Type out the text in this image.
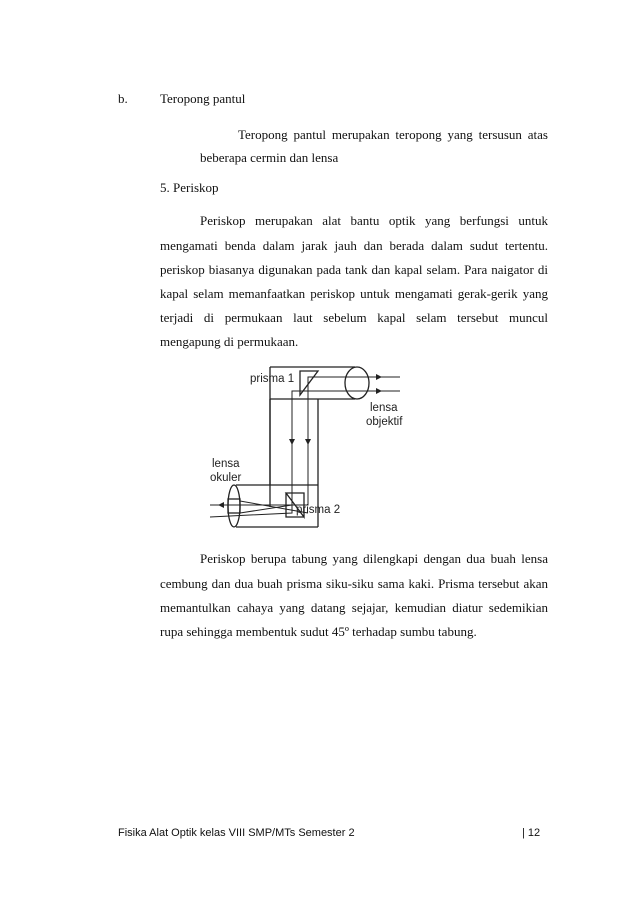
b. Teropong pantul
Teropong pantul merupakan teropong yang tersusun atas
beberapa cermin dan lensa
5. Periskop
Periskop merupakan alat bantu optik yang berfungsi untuk
mengamati benda dalam jarak jauh dan berada dalam sudut tertentu.
periskop biasanya digunakan pada tank dan kapal selam. Para naigator di
kapal selam memanfaatkan periskop untuk mengamati gerak-gerik yang
terjadi di permukaan laut sebelum kapal selam tersebut muncul
mengapung di permukaan.
prisma 1
lensa
objektif
lensa
okuler
prisma 2
Periskop berupa tabung yang dilengkapi dengan dua buah lensa
cembung dan dua buah prisma siku-siku sama kaki. Prisma tersebut akan
memantulkan cahaya yang datang sejajar, kemudian diatur sedemikian
rupa sehingga membentuk sudut 45º terhadap sumbu tabung.
Fisika Alat Optik kelas VIII SMP/MTs Semester 2	| 12
